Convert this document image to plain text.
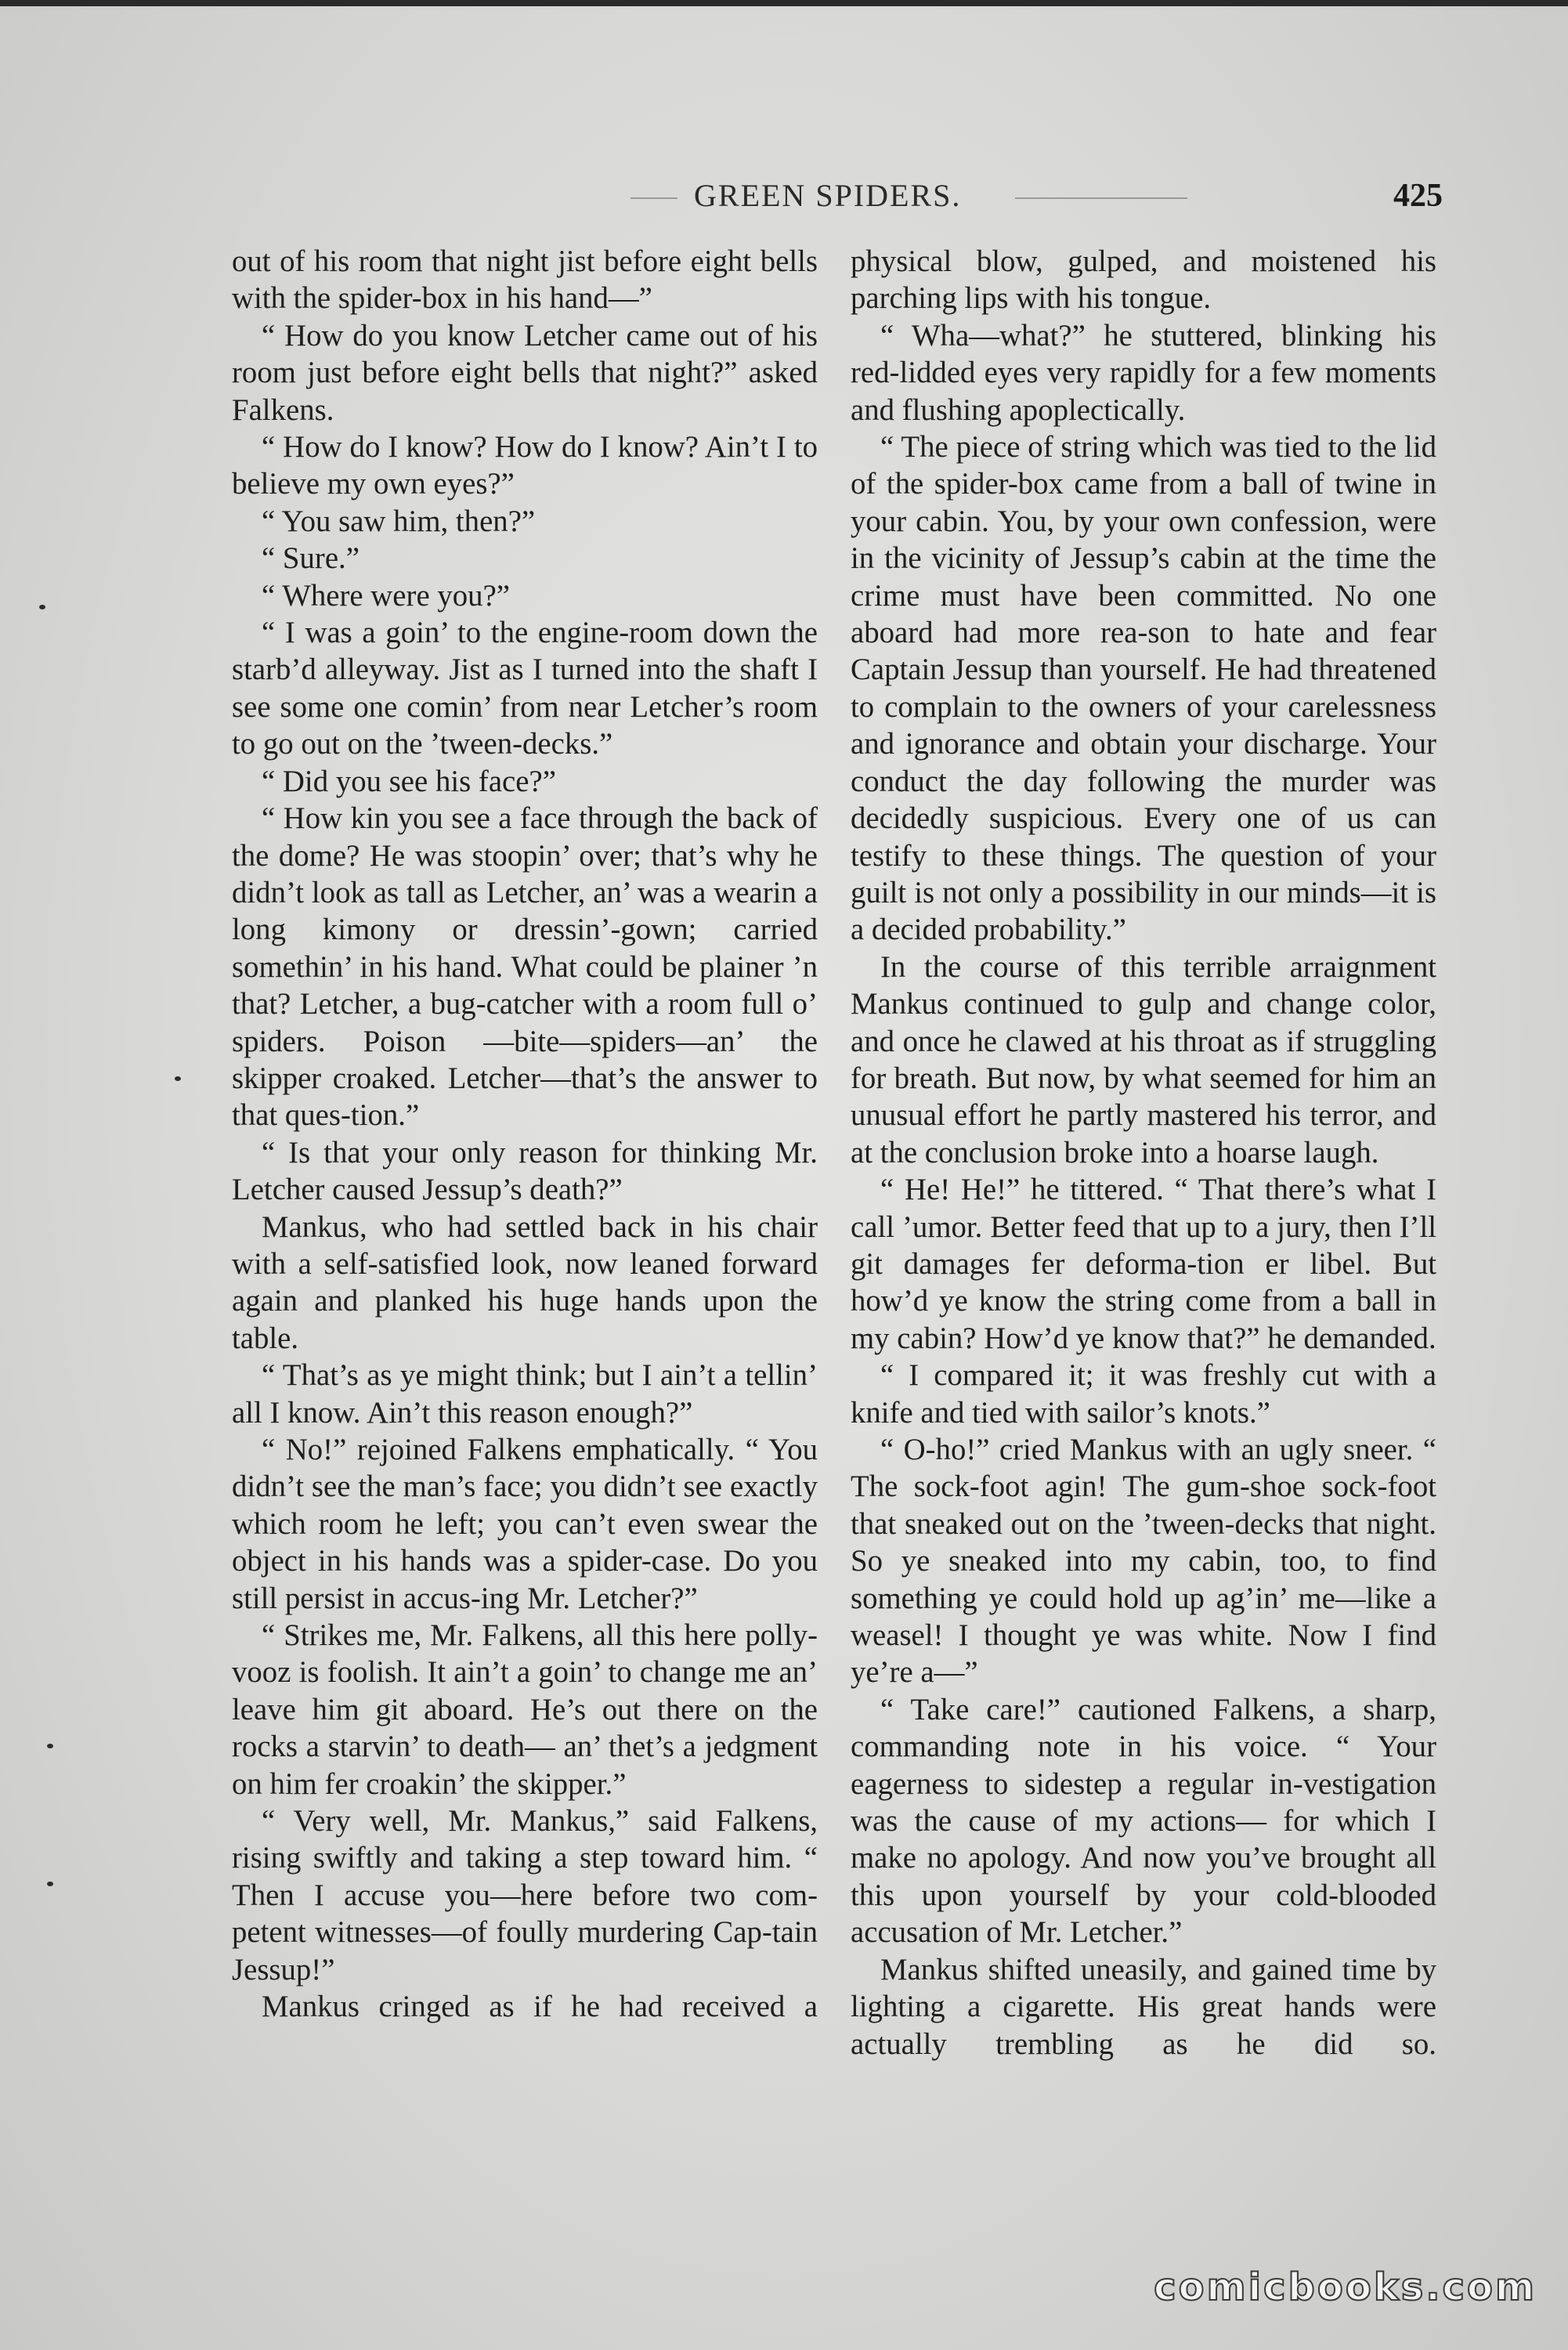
GREEN SPIDERS.	425

out of his room that night jist before eight bells with the spider-box in his hand—”

“ How do you know Letcher came out of his room just before eight bells that night?” asked Falkens.

“ How do I know? How do I know? Ain’t I to believe my own eyes?”

“ You saw him, then?”

“ Sure.”

“ Where were you?”

“ I was a goin’ to the engine-room down the starb’d alleyway. Jist as I turned into the shaft I see some one comin’ from near Letcher’s room to go out on the ’tween-decks.”

“ Did you see his face?”

“ How kin you see a face through the back of the dome? He was stoopin’ over; that’s why he didn’t look as tall as Letcher, an’ was a wearin a long kimony or dressin’-gown; carried somethin’ in his hand. What could be plainer ’n that? Letcher, a bug-catcher with a room full o’ spiders. Poison —bite—spiders—an’ the skipper croaked. Letcher—that’s the answer to that ques-tion.”

“ Is that your only reason for thinking Mr. Letcher caused Jessup’s death?”

Mankus, who had settled back in his chair with a self-satisfied look, now leaned forward again and planked his huge hands upon the table.

“ That’s as ye might think; but I ain’t a tellin’ all I know. Ain’t this reason enough?”

“ No!” rejoined Falkens emphatically. “ You didn’t see the man’s face; you didn’t see exactly which room he left; you can’t even swear the object in his hands was a spider-case. Do you still persist in accus-ing Mr. Letcher?”

“ Strikes me, Mr. Falkens, all this here polly-vooz is foolish. It ain’t a goin’ to change me an’ leave him git aboard. He’s out there on the rocks a starvin’ to death— an’ thet’s a jedgment on him fer croakin’ the skipper.”

“ Very well, Mr. Mankus,” said Falkens, rising swiftly and taking a step toward him. “ Then I accuse you—here before two com-petent witnesses—of foully murdering Cap-tain Jessup!”

Mankus cringed as if he had received a

physical blow, gulped, and moistened his parching lips with his tongue.

“ Wha—what?” he stuttered, blinking his red-lidded eyes very rapidly for a few moments and flushing apoplectically.

“ The piece of string which was tied to the lid of the spider-box came from a ball of twine in your cabin. You, by your own confession, were in the vicinity of Jessup’s cabin at the time the crime must have been committed. No one aboard had more rea-son to hate and fear Captain Jessup than yourself. He had threatened to complain to the owners of your carelessness and ignorance and obtain your discharge. Your conduct the day following the murder was decidedly suspicious. Every one of us can testify to these things. The question of your guilt is not only a possibility in our minds—it is a decided probability.”

In the course of this terrible arraignment Mankus continued to gulp and change color, and once he clawed at his throat as if struggling for breath. But now, by what seemed for him an unusual effort he partly mastered his terror, and at the conclusion broke into a hoarse laugh.

“ He! He!” he tittered. “ That there’s what I call ’umor. Better feed that up to a jury, then I’ll git damages fer deforma-tion er libel. But how’d ye know the string come from a ball in my cabin? How’d ye know that?” he demanded.

“ I compared it; it was freshly cut with a knife and tied with sailor’s knots.”

“ O-ho!” cried Mankus with an ugly sneer. “ The sock-foot agin! The gum-shoe sock-foot that sneaked out on the ’tween-decks that night. So ye sneaked into my cabin, too, to find something ye could hold up ag’in’ me—like a weasel! I thought ye was white. Now I find ye’re a—”

“ Take care!” cautioned Falkens, a sharp, commanding note in his voice. “ Your eagerness to sidestep a regular in-vestigation was the cause of my actions— for which I make no apology. And now you’ve brought all this upon yourself by your cold-blooded accusation of Mr. Letcher.”

Mankus shifted uneasily, and gained time by lighting a cigarette. His great hands were actually trembling as he did so.

comicbooks.com
